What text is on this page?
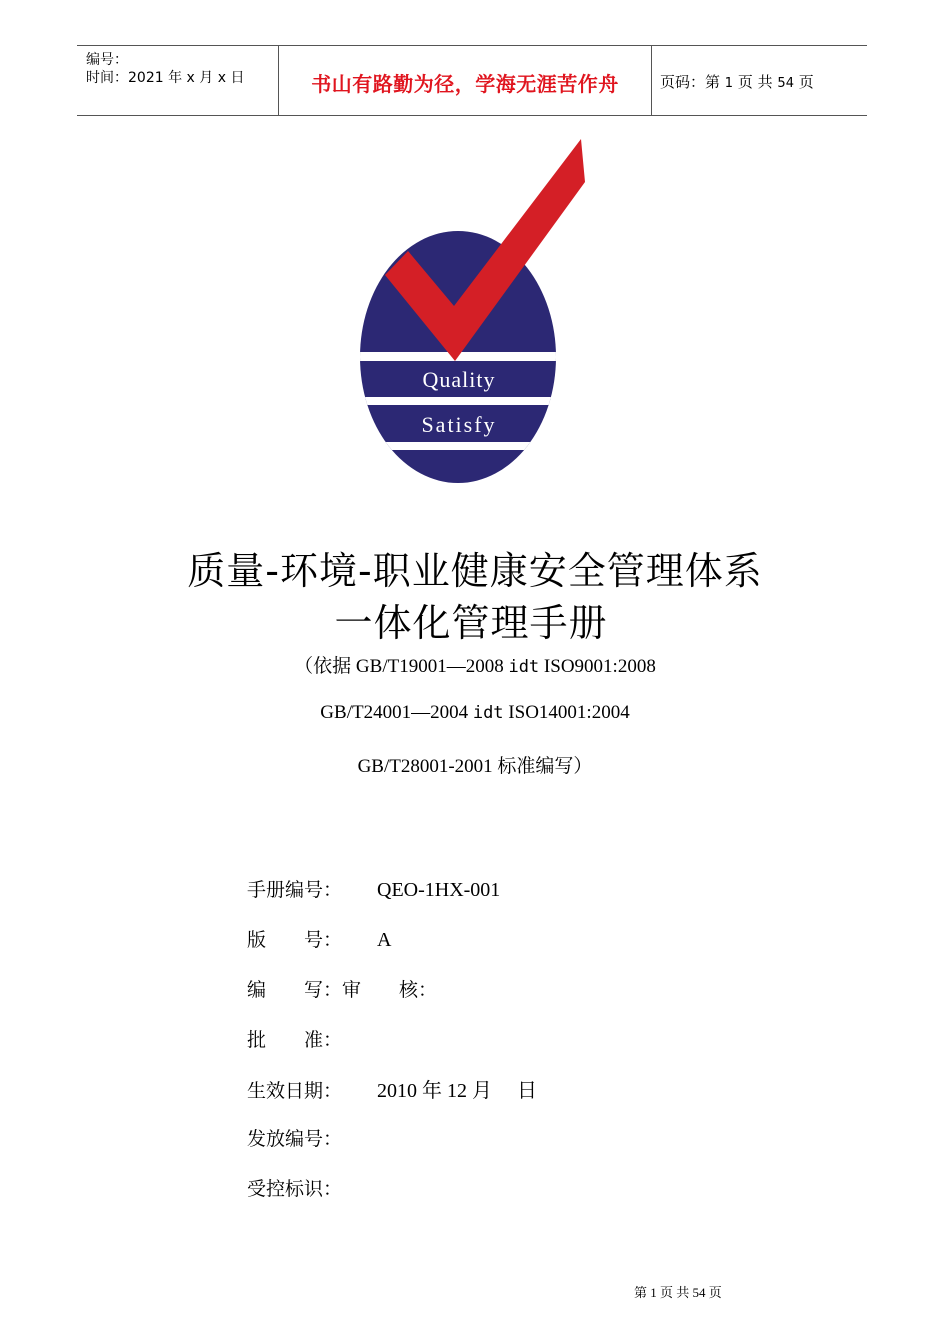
编号：
时间：2021 年 x 月 x 日	书山有路勤为径，学海无涯苦作舟	页码：第 1 页 共 54 页
Quality
Satisfy
质量-环境-职业健康安全管理体系
一体化管理手册
（依据 GB/T19001—2008 idt ISO9001:2008
GB/T24001—2004 idt ISO14001:2004
GB/T28001-2001 标准编写）
手册编号： QEO-1HX-001
版　　号： A
编　　写：审　　核：
批　　准：
生效日期： 2010 年 12 月　 日
发放编号：
受控标识：
第 1 页 共 54 页
